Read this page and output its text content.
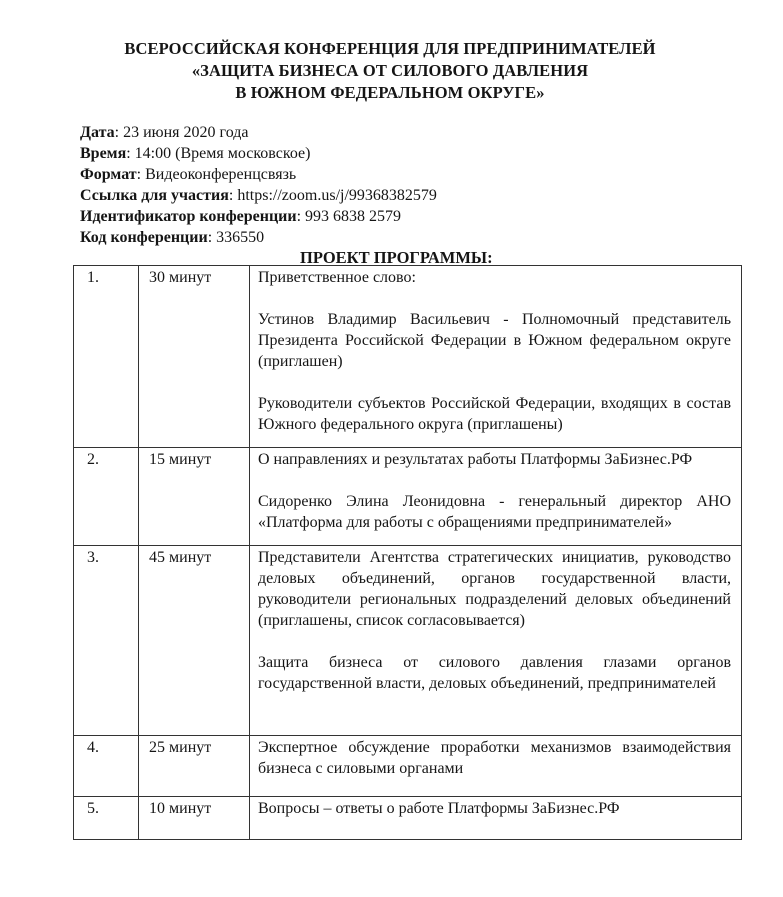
ВСЕРОССИЙСКАЯ КОНФЕРЕНЦИЯ ДЛЯ ПРЕДПРИНИМАТЕЛЕЙ
«ЗАЩИТА БИЗНЕСА ОТ СИЛОВОГО ДАВЛЕНИЯ
В ЮЖНОМ ФЕДЕРАЛЬНОМ ОКРУГЕ»
Дата: 23 июня 2020 года
Время: 14:00 (Время московское)
Формат: Видеоконференцсвязь
Ссылка для участия: https://zoom.us/j/99368382579
Идентификатор конференции: 993 6838 2579
Код конференции: 336550
ПРОЕКТ ПРОГРАММЫ:
1.	30 минут	Приветственное слово:
Устинов Владимир Васильевич - Полномочный представитель Президента Российской Федерации в Южном федеральном округе (приглашен)
Руководители субъектов Российской Федерации, входящих в состав Южного федерального округа (приглашены)

2.	15 минут	О направлениях и результатах работы Платформы ЗаБизнес.РФ
Сидоренко Элина Леонидовна - генеральный директор АНО «Платформа для работы с обращениями предпринимателей»

3.	45 минут	Представители Агентства стратегических инициатив, руководство деловых объединений, органов государственной власти, руководители региональных подразделений деловых объединений (приглашены, список согласовывается)
Защита бизнеса от силового давления глазами органов государственной власти, деловых объединений, предпринимателей

4.	25 минут	Экспертное обсуждение проработки механизмов взаимодействия бизнеса с силовыми органами

5.	10 минут	Вопросы – ответы о работе Платформы ЗаБизнес.РФ
